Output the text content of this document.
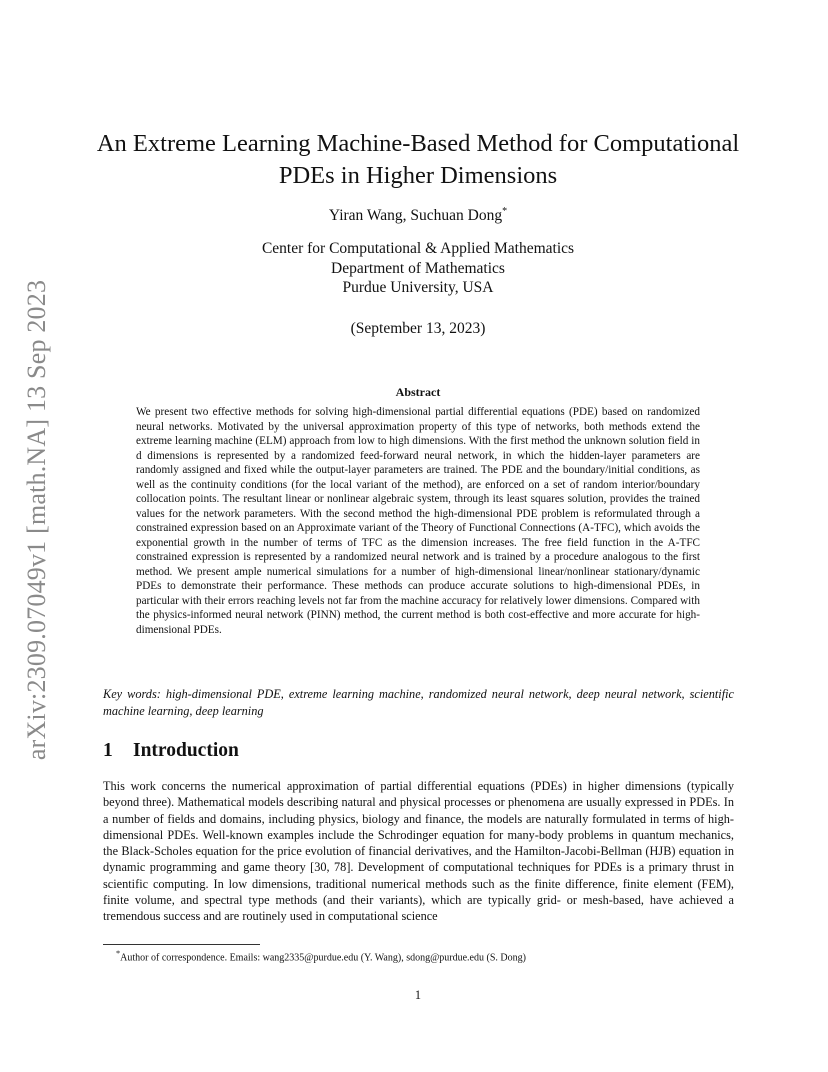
arXiv:2309.07049v1 [math.NA] 13 Sep 2023
An Extreme Learning Machine-Based Method for Computational
PDEs in Higher Dimensions
Yiran Wang, Suchuan Dong*
Center for Computational & Applied Mathematics
Department of Mathematics
Purdue University, USA
(September 13, 2023)
Abstract

We present two effective methods for solving high-dimensional partial differential equations (PDE) based on randomized neural networks. Motivated by the universal approximation property of this type of networks, both methods extend the extreme learning machine (ELM) approach from low to high dimensions. With the first method the unknown solution field in d dimensions is represented by a randomized feed-forward neural network, in which the hidden-layer parameters are randomly assigned and fixed while the output-layer parameters are trained. The PDE and the boundary/initial conditions, as well as the continuity conditions (for the local variant of the method), are enforced on a set of random interior/boundary collocation points. The resultant linear or nonlinear algebraic system, through its least squares solution, provides the trained values for the network parameters. With the second method the high-dimensional PDE problem is reformulated through a constrained expression based on an Approximate variant of the Theory of Functional Connections (A-TFC), which avoids the exponential growth in the number of terms of TFC as the dimension increases. The free field function in the A-TFC constrained expression is represented by a randomized neural network and is trained by a procedure analogous to the first method. We present ample numerical simulations for a number of high-dimensional linear/nonlinear stationary/dynamic PDEs to demonstrate their performance. These methods can produce accurate solutions to high-dimensional PDEs, in particular with their errors reaching levels not far from the machine accuracy for relatively lower dimensions. Compared with the physics-informed neural network (PINN) method, the current method is both cost-effective and more accurate for high-dimensional PDEs.

Key words: high-dimensional PDE, extreme learning machine, randomized neural network, deep neural network, scientific machine learning, deep learning

1 Introduction

This work concerns the numerical approximation of partial differential equations (PDEs) in higher dimensions (typically beyond three). Mathematical models describing natural and physical processes or phenomena are usually expressed in PDEs. In a number of fields and domains, including physics, biology and finance, the models are naturally formulated in terms of high-dimensional PDEs. Well-known examples include the Schrodinger equation for many-body problems in quantum mechanics, the Black-Scholes equation for the price evolution of financial derivatives, and the Hamilton-Jacobi-Bellman (HJB) equation in dynamic programming and game theory [30, 78]. Development of computational techniques for PDEs is a primary thrust in scientific computing. In low dimensions, traditional numerical methods such as the finite difference, finite element (FEM), finite volume, and spectral type methods (and their variants), which are typically grid- or mesh-based, have achieved a tremendous success and are routinely used in computational science

*Author of correspondence. Emails: wang2335@purdue.edu (Y. Wang), sdong@purdue.edu (S. Dong)
1
